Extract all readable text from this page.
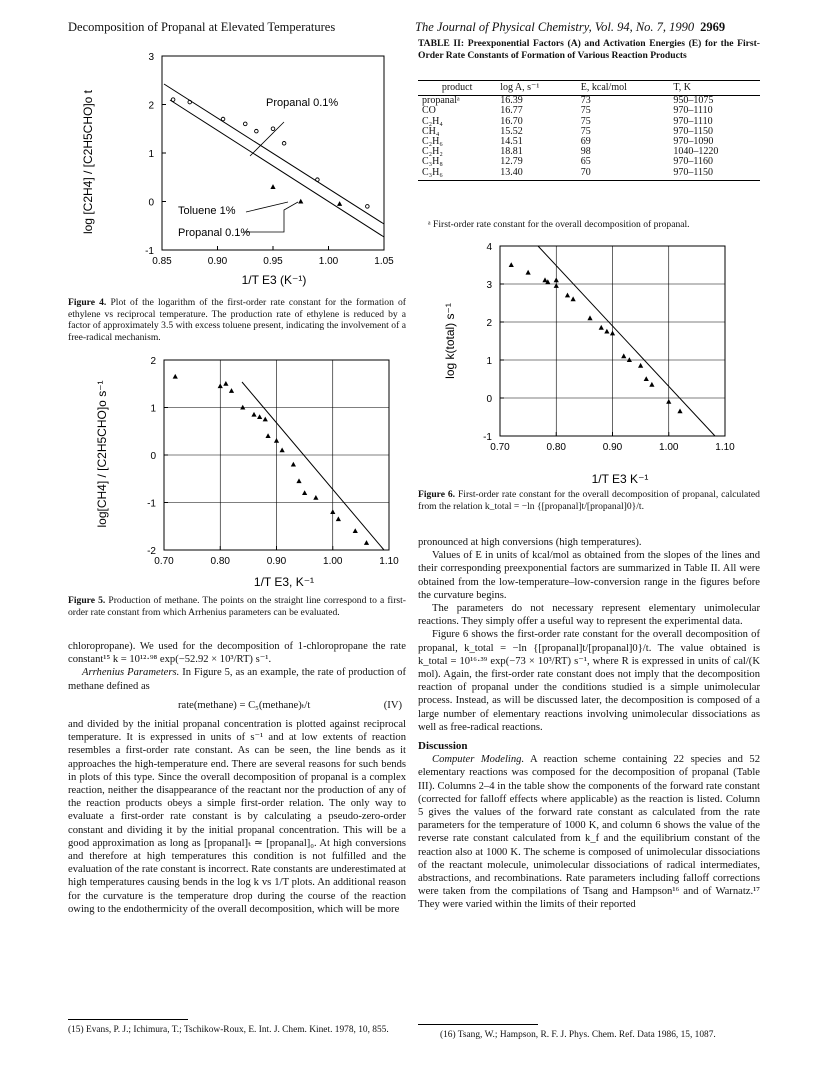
Decomposition of Propanal at Elevated Temperatures	The Journal of Physical Chemistry, Vol. 94, No. 7, 1990 2969
0.85	0.90	0.95	1.00	1.05
-1
0
1
2
3
Propanal 0.1%
Toluene 1%
Propanal 0.1%
log [C2H4] / [C2H5CHO]o t
1/T E3 (K⁻¹)
Figure 4. Plot of the logarithm of the first-order rate constant for the formation of ethylene vs reciprocal temperature. The production rate of ethylene is reduced by a factor of approximately 3.5 with excess toluene present, indicating the involvement of a free-radical mechanism.
0.70	0.80	0.90	1.00	1.10
-2
-1
0
1
2
log[CH4] / [C2H5CHO]o s⁻¹
1/T E3, K⁻¹
Figure 5. Production of methane. The points on the straight line correspond to a first-order rate constant from which Arrhenius parameters can be evaluated.
chloropropane). We used for the decomposition of 1-chloropropane the rate constant¹⁵ k = 10¹²·⁹⁸ exp(−52.92 × 10³/RT) s⁻¹.
Arrhenius Parameters. In Figure 5, as an example, the rate of production of methane defined as
rate(methane) = C₅(methane)ₜ/t	(IV)
and divided by the initial propanal concentration is plotted against reciprocal temperature. It is expressed in units of s⁻¹ and at low extents of reaction resembles a first-order rate constant. As can be seen, the line bends as it approaches the high-temperature end. There are several reasons for such bends in plots of this type. Since the overall decomposition of propanal is a complex reaction, neither the disappearance of the reactant nor the production of any of the reaction products obeys a simple first-order relation. The only way to evaluate a first-order rate constant is by calculating a pseudo-zero-order constant and dividing it by the initial propanal concentration. This will be a good approximation as long as [propanal]ₜ ≃ [propanal]₀. At high conversions and therefore at high temperatures this condition is not fulfilled and the evaluation of the rate constant is incorrect. Rate constants are underestimated at high temperatures causing bends in the log k vs 1/T plots. An additional reason for the curvature is the temperature drop during the course of the reaction owing to the endothermicity of the overall decomposition, which will be more
(15) Evans, P. J.; Ichimura, T.; Tschikow-Roux, E. Int. J. Chem. Kinet. 1978, 10, 855.
TABLE II: Preexponential Factors (A) and Activation Energies (E) for the First-Order Rate Constants of Formation of Various Reaction Products
product	log A, s⁻¹	E, kcal/mol	T, K
propanalᵃ	16.39	73	950–1075
CO	16.77	75	970–1110
C₂H₄	16.70	75	970–1110
CH₄	15.52	75	970–1150
C₂H₆	14.51	69	970–1090
C₂H₂	18.81	98	1040–1220
C₃H₈	12.79	65	970–1160
C₃H₆	13.40	70	970–1150
ᵃ First-order rate constant for the overall decomposition of propanal.
0.70	0.80	0.90	1.00	1.10
-1
0
1
2
3
4
log k(total) s⁻¹
1/T E3 K⁻¹
Figure 6. First-order rate constant for the overall decomposition of propanal, calculated from the relation k_total = −ln {[propanal]t/[propanal]0}/t.
pronounced at high conversions (high temperatures).
Values of E in units of kcal/mol as obtained from the slopes of the lines and their corresponding preexponential factors are summarized in Table II. All were obtained from the low-temperature–low-conversion range in the figures before the curvature begins.
The parameters do not necessary represent elementary unimolecular reactions. They simply offer a useful way to represent the experimental data.
Figure 6 shows the first-order rate constant for the overall decomposition of propanal, k_total = −ln {[propanal]t/[propanal]0}/t. The value obtained is k_total = 10¹⁶·³⁹ exp(−73 × 10³/RT) s⁻¹, where R is expressed in units of cal/(K mol). Again, the first-order rate constant does not imply that the decomposition reaction of propanal under the conditions studied is a simple unimolecular process. Instead, as will be discussed later, the decomposition is composed of a large number of elementary reactions involving unimolecular dissociations as well as free-radical reactions.
Discussion
Computer Modeling. A reaction scheme containing 22 species and 52 elementary reactions was composed for the decomposition of propanal (Table III). Columns 2–4 in the table show the components of the forward rate constant (corrected for falloff effects where applicable) as the reaction is listed. Column 5 gives the values of the forward rate constant as calculated from the rate parameters for the temperature of 1000 K, and column 6 shows the value of the reverse rate constant calculated from k_f and the equilibrium constant of the reaction also at 1000 K. The scheme is composed of unimolecular dissociations of the reactant molecule, unimolecular dissociations of radical intermediates, abstractions, and recombinations. Rate parameters including falloff corrections were taken from the compilations of Tsang and Hampson¹⁶ and of Warnatz.¹⁷ They were varied within the limits of their reported
(16) Tsang, W.; Hampson, R. F. J. Phys. Chem. Ref. Data 1986, 15, 1087.
